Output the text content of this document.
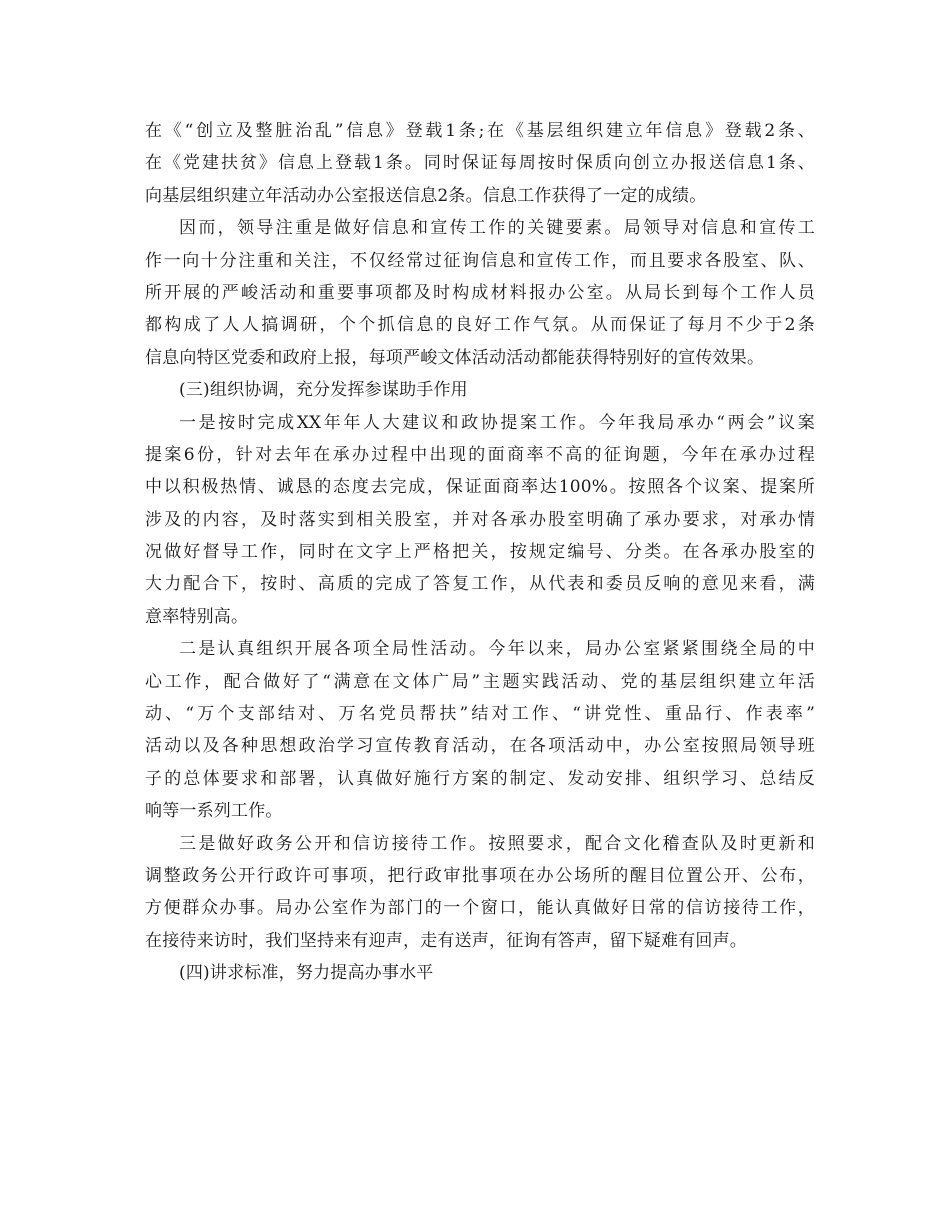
在《“创立及整脏治乱”信息》登载1条;在《基层组织建立年信息》登载2条、
在《党建扶贫》信息上登载1条。同时保证每周按时保质向创立办报送信息1条、
向基层组织建立年活动办公室报送信息2条。信息工作获得了一定的成绩。
因而，领导注重是做好信息和宣传工作的关键要素。局领导对信息和宣传工
作一向十分注重和关注，不仅经常过征询信息和宣传工作，而且要求各股室、队、
所开展的严峻活动和重要事项都及时构成材料报办公室。从局长到每个工作人员
都构成了人人搞调研，个个抓信息的良好工作气氛。从而保证了每月不少于2条
信息向特区党委和政府上报，每项严峻文体活动活动都能获得特别好的宣传效果。
(三)组织协调，充分发挥参谋助手作用
一是按时完成XX年年人大建议和政协提案工作。今年我局承办“两会”议案
提案6份，针对去年在承办过程中出现的面商率不高的征询题，今年在承办过程
中以积极热情、诚恳的态度去完成，保证面商率达100%。按照各个议案、提案所
涉及的内容，及时落实到相关股室，并对各承办股室明确了承办要求，对承办情
况做好督导工作，同时在文字上严格把关，按规定编号、分类。在各承办股室的
大力配合下，按时、高质的完成了答复工作，从代表和委员反响的意见来看，满
意率特别高。
二是认真组织开展各项全局性活动。今年以来，局办公室紧紧围绕全局的中
心工作，配合做好了“满意在文体广局”主题实践活动、党的基层组织建立年活
动、“万个支部结对、万名党员帮扶”结对工作、“讲党性、重品行、作表率”
活动以及各种思想政治学习宣传教育活动，在各项活动中，办公室按照局领导班
子的总体要求和部署，认真做好施行方案的制定、发动安排、组织学习、总结反
响等一系列工作。
三是做好政务公开和信访接待工作。按照要求，配合文化稽查队及时更新和
调整政务公开行政许可事项，把行政审批事项在办公场所的醒目位置公开、公布，
方便群众办事。局办公室作为部门的一个窗口，能认真做好日常的信访接待工作，
在接待来访时，我们坚持来有迎声，走有送声，征询有答声，留下疑难有回声。
(四)讲求标准，努力提高办事水平
